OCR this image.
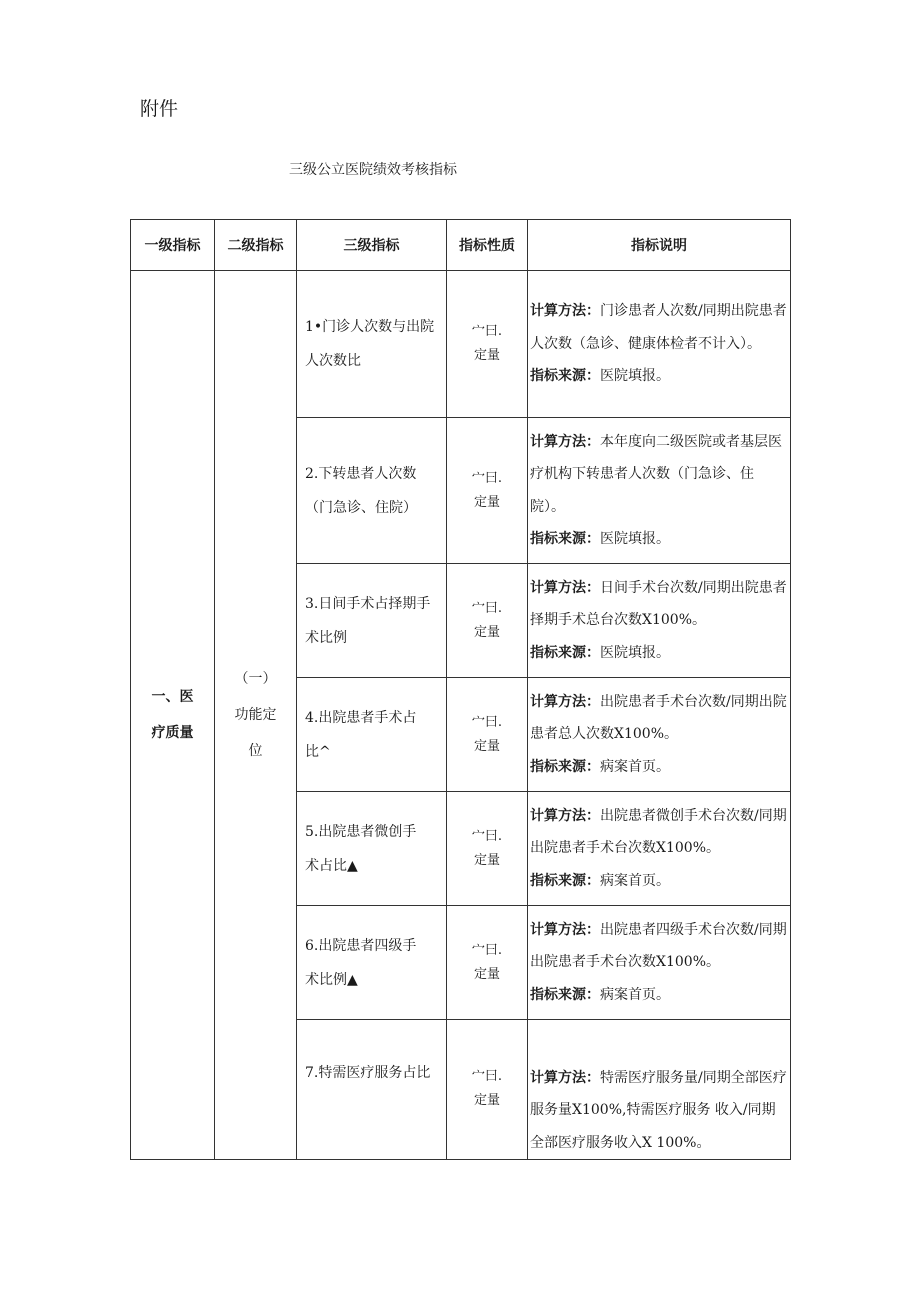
附件
三级公立医院绩效考核指标
一级指标	二级指标	三级指标	指标性质	指标说明

一、医疗质量	（一）功能定位	1•门诊人次数与出院人次数比	宀曰.定量	计算方法：门诊患者人次数/同期出院患者人次数（急诊、健康体检者不计入）。

指标来源：医院填报。

		2.下转患者人次数（门急诊、住院）	宀曰.定量	计算方法：本年度向二级医院或者基层医疗机构下转患者人次数（门急诊、住院）。

指标来源：医院填报。

		3.日间手术占择期手术比例	宀曰.定量	计算方法：日间手术台次数/同期出院患者择期手术总台次数X100%。

指标来源：医院填报。

		4.出院患者手术占比^	宀曰.定量	计算方法：出院患者手术台次数/同期出院患者总人次数X100%。

指标来源：病案首页。

		5.出院患者微创手术占比▲	宀曰.定量	计算方法：出院患者微创手术台次数/同期出院患者手术台次数X100%。

指标来源：病案首页。

		6.出院患者四级手术比例▲	宀曰.定量	计算方法：出院患者四级手术台次数/同期出院患者手术台次数X100%。

指标来源：病案首页。

		7.特需医疗服务占比	宀曰.定量	计算方法：特需医疗服务量/同期全部医疗服务量X100%,特需医疗服务 收入/同期全部医疗服务收入X 100%。
